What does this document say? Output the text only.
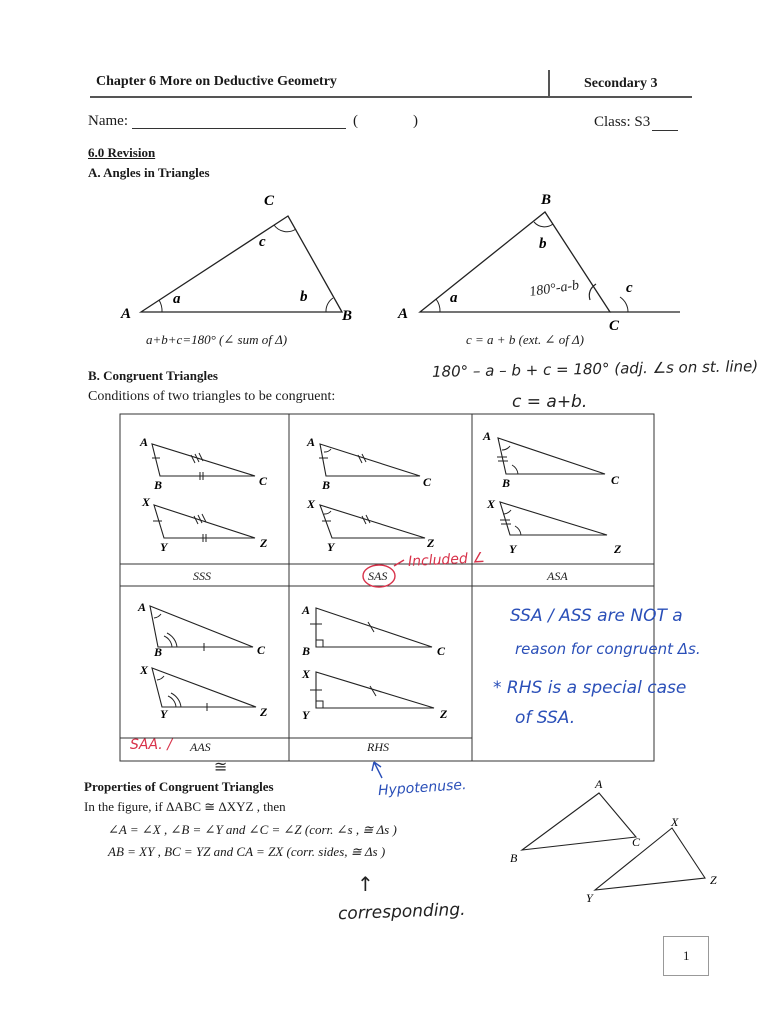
Chapter 6 More on Deductive Geometry	Secondary 3
Name:	(	)	Class: S3
6.0 Revision
A. Angles in Triangles
A	B
C
a	b
c
A
B
C
a
b
c
180°-a-b
a+b+c=180° (∠ sum of Δ)	c = a + b (ext. ∠ of Δ)
180° – a – b + c = 180° (adj. ∠s on st. line)
c = a+b.
B. Congruent Triangles
Conditions of two triangles to be congruent:
A
B	C
X
Y	Z
A
B	C
X
Y	Z
A
B	C
X
Y	Z
A
B	C
X
Y	Z
A
B	C
X
Y	Z
SSS	SAS	ASA
AAS	RHS
Included ∠
SAA. /
≅
Hypotenuse.
SSA / ASS are NOT a
reason for congruent Δs.
* RHS is a special case
of SSA.
Properties of Congruent Triangles
In the figure, if ΔABC ≅ ΔXYZ , then
∠A = ∠X , ∠B = ∠Y and ∠C = ∠Z (corr. ∠s , ≅ Δs )
AB = XY , BC = YZ and CA = ZX (corr. sides, ≅ Δs )
↑
corresponding.
A
B
C
X
Y
Z
1
